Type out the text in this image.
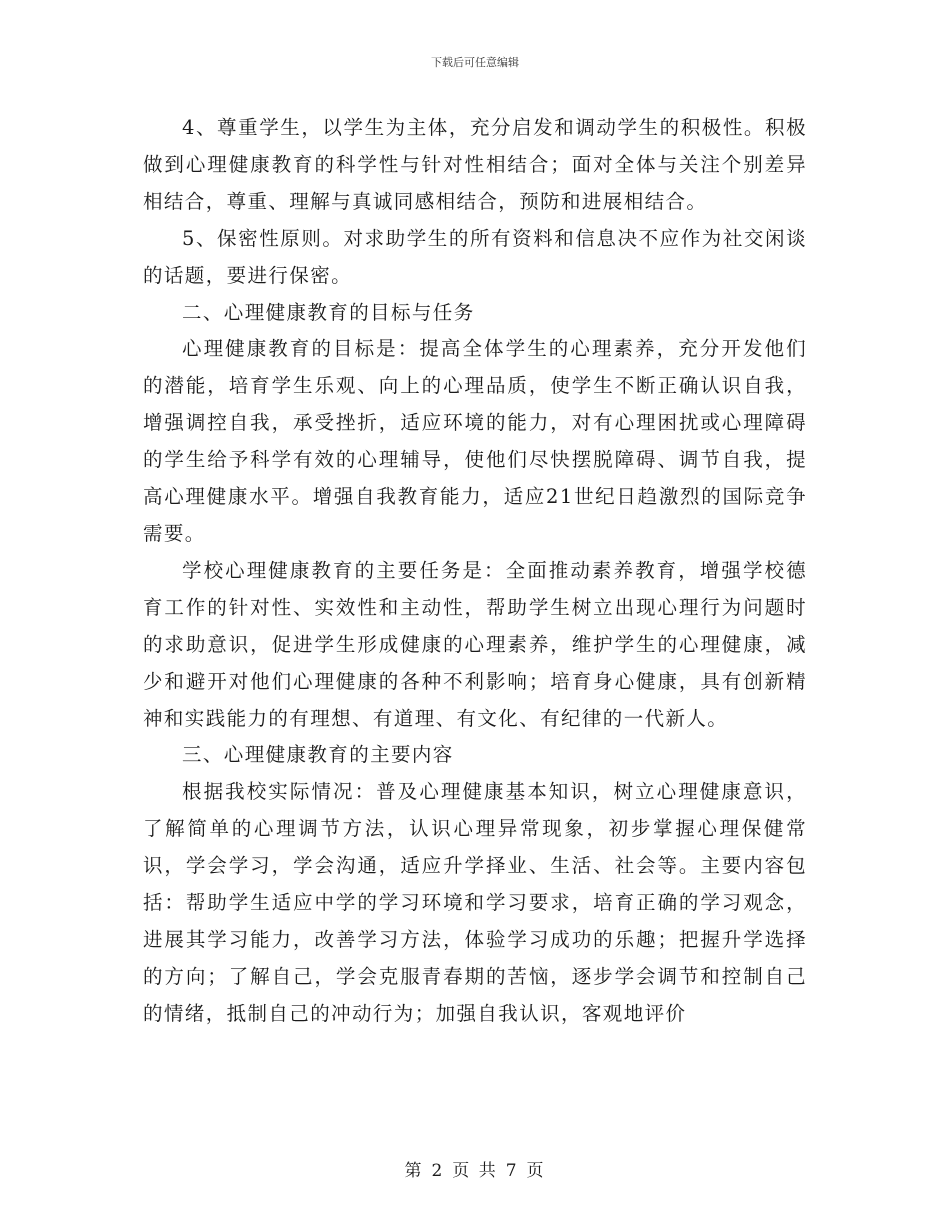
下载后可任意编辑

4、尊重学生，以学生为主体，充分启发和调动学生的积极性。积极做到心理健康教育的科学性与针对性相结合；面对全体与关注个别差异相结合，尊重、理解与真诚同感相结合，预防和进展相结合。

5、保密性原则。对求助学生的所有资料和信息决不应作为社交闲谈的话题，要进行保密。

二、心理健康教育的目标与任务

心理健康教育的目标是：提高全体学生的心理素养，充分开发他们的潜能，培育学生乐观、向上的心理品质，使学生不断正确认识自我，增强调控自我，承受挫折，适应环境的能力，对有心理困扰或心理障碍的学生给予科学有效的心理辅导，使他们尽快摆脱障碍、调节自我，提高心理健康水平。增强自我教育能力，适应21世纪日趋激烈的国际竞争需要。

学校心理健康教育的主要任务是：全面推动素养教育，增强学校德育工作的针对性、实效性和主动性，帮助学生树立出现心理行为问题时的求助意识，促进学生形成健康的心理素养，维护学生的心理健康，减少和避开对他们心理健康的各种不利影响；培育身心健康，具有创新精神和实践能力的有理想、有道理、有文化、有纪律的一代新人。

三、心理健康教育的主要内容

根据我校实际情况：普及心理健康基本知识，树立心理健康意识，了解简单的心理调节方法，认识心理异常现象，初步掌握心理保健常识，学会学习，学会沟通，适应升学择业、生活、社会等。主要内容包括：帮助学生适应中学的学习环境和学习要求，培育正确的学习观念，进展其学习能力，改善学习方法，体验学习成功的乐趣；把握升学选择的方向；了解自己，学会克服青春期的苦恼，逐步学会调节和控制自己的情绪，抵制自己的冲动行为；加强自我认识，客观地评价

第 2 页 共 7 页
